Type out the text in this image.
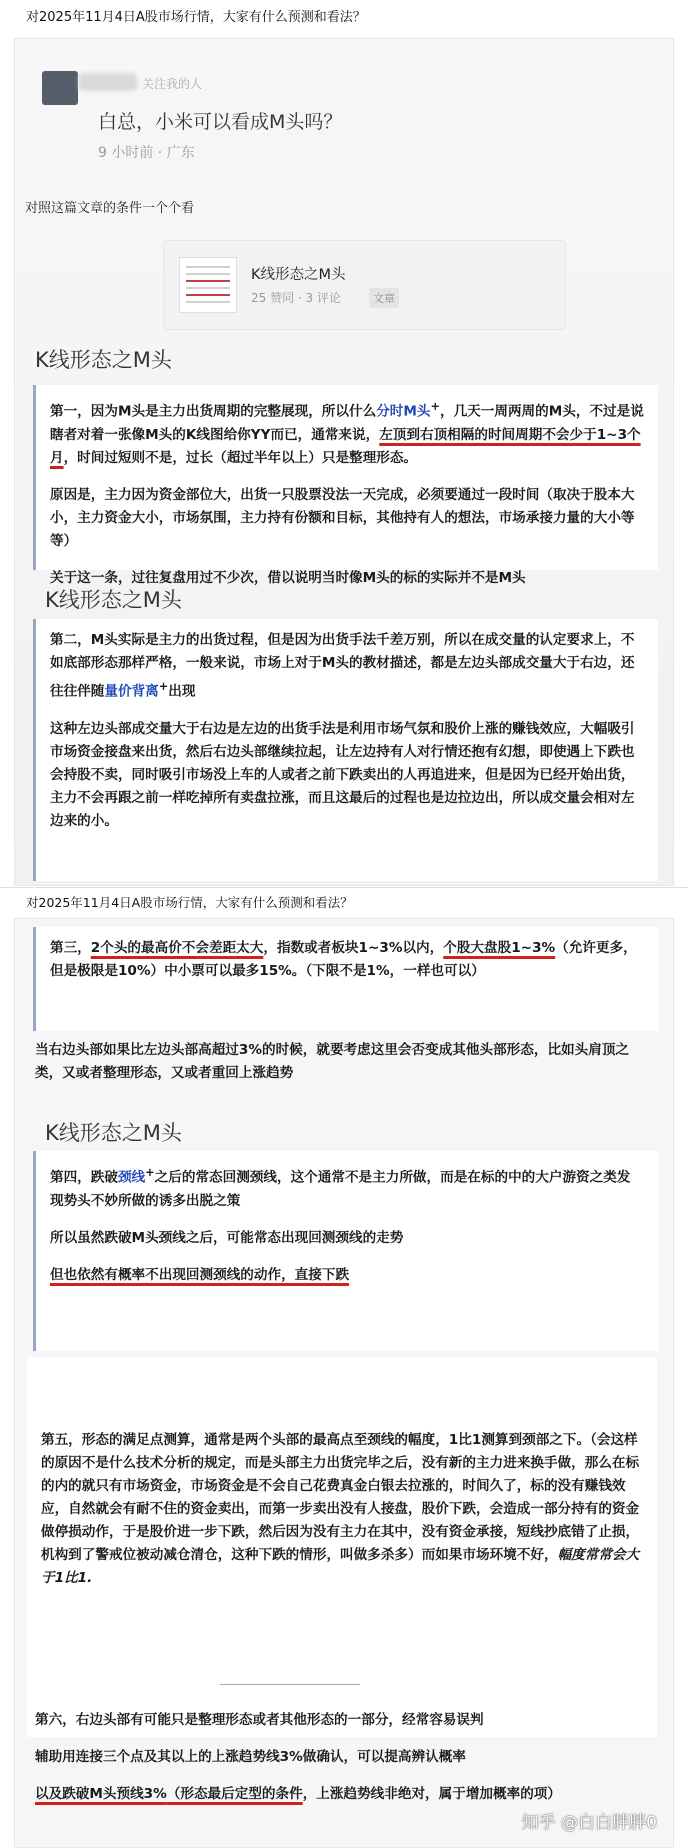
对2025年11月4日A股市场行情，大家有什么预测和看法？
关注我的人
白总，小米可以看成M头吗？
9 小时前 · 广东
对照这篇文章的条件一个个看
K线形态之M头
25 赞同 · 3 评论	文章
K线形态之M头

第一，因为M头是主力出货周期的完整展现，所以什么分时M头+，几天一周两周的M头，不过是说瞎者对着一张像M头的K线图给你YY而已，通常来说，左顶到右顶相隔的时间周期不会少于1~3个月，时间过短则不是，过长（超过半年以上）只是整理形态。

原因是，主力因为资金部位大，出货一只股票没法一天完成，必须要通过一段时间（取决于股本大小，主力资金大小，市场氛围，主力持有份额和目标，其他持有人的想法，市场承接力量的大小等等）

关于这一条，过往复盘用过不少次，借以说明当时像M头的标的实际并不是M头

K线形态之M头

第二，M头实际是主力的出货过程，但是因为出货手法千差万别，所以在成交量的认定要求上，不如底部形态那样严格，一般来说，市场上对于M头的教材描述，都是左边头部成交量大于右边，还往往伴随量价背离+出现

这种左边头部成交量大于右边是左边的出货手法是利用市场气氛和股价上涨的赚钱效应，大幅吸引市场资金接盘来出货，然后右边头部继续拉起，让左边持有人对行情还抱有幻想，即使遇上下跌也会持股不卖，同时吸引市场没上车的人或者之前下跌卖出的人再追进来，但是因为已经开始出货，主力不会再跟之前一样吃掉所有卖盘拉涨，而且这最后的过程也是边拉边出，所以成交量会相对左边来的小。

对2025年11月4日A股市场行情，大家有什么预测和看法？

第三，2个头的最高价不会差距太大，指数或者板块1~3%以内，个股大盘股1~3%（允许更多，但是极限是10%）中小票可以最多15%。（下限不是1%，一样也可以）

当右边头部如果比左边头部高超过3%的时候，就要考虑这里会否变成其他头部形态，比如头肩顶之类，又或者整理形态，又或者重回上涨趋势
K线形态之M头

第四，跌破颈线+之后的常态回测颈线，这个通常不是主力所做，而是在标的中的大户游资之类发现势头不妙所做的诱多出脱之策

所以虽然跌破M头颈线之后，可能常态出现回测颈线的走势

但也依然有概率不出现回测颈线的动作，直接下跌

第五，形态的满足点测算，通常是两个头部的最高点至颈线的幅度，1比1测算到颈部之下。（会这样的原因不是什么技术分析的规定，而是头部主力出货完毕之后，没有新的主力进来换手做，那么在标的内的就只有市场资金，市场资金是不会自己花费真金白银去拉涨的，时间久了，标的没有赚钱效应，自然就会有耐不住的资金卖出，而第一步卖出没有人接盘，股价下跌，会造成一部分持有的资金做停损动作，于是股价进一步下跌，然后因为没有主力在其中，没有资金承接，短线抄底错了止损，机构到了警戒位被动减仓清仓，这种下跌的情形，叫做多杀多）而如果市场环境不好，幅度常常会大于1比1.

第六，右边头部有可能只是整理形态或者其他形态的一部分，经常容易误判

辅助用连接三个点及其以上的上涨趋势线3%做确认，可以提高辨认概率

以及跌破M头预线3%（形态最后定型的条件，上涨趋势线非绝对，属于增加概率的项）

知乎 @白白胖胖0
